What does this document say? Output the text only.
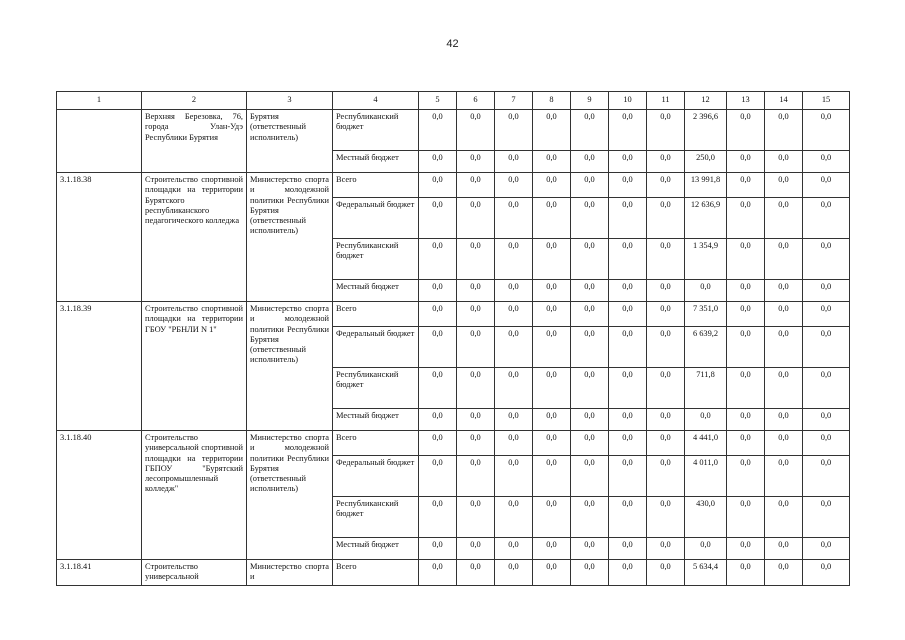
42
1	2	3	4	5	6	7	8	9	10	11	12	13	14	15
	Верхняя Березовка, 76, города Улан-Удэ Республики Бурятия	Бурятия (ответственный исполнитель)	Республиканский бюджет	0,0	0,0	0,0	0,0	0,0	0,0	0,0	2 396,6	0,0	0,0	0,0
			Местный бюджет	0,0	0,0	0,0	0,0	0,0	0,0	0,0	250,0	0,0	0,0	0,0
3.1.18.38	Строительство спортивной площадки на территории Бурятского республиканского педагогического колледжа	Министерство спорта и молодежной политики Республики Бурятия (ответственный исполнитель)	Всего	0,0	0,0	0,0	0,0	0,0	0,0	0,0	13 991,8	0,0	0,0	0,0
			Федеральный бюджет	0,0	0,0	0,0	0,0	0,0	0,0	0,0	12 636,9	0,0	0,0	0,0
			Республиканский бюджет	0,0	0,0	0,0	0,0	0,0	0,0	0,0	1 354,9	0,0	0,0	0,0
			Местный бюджет	0,0	0,0	0,0	0,0	0,0	0,0	0,0	0,0	0,0	0,0	0,0
3.1.18.39	Строительство спортивной площадки на территории ГБОУ "РБНЛИ N 1"	Министерство спорта и молодежной политики Республики Бурятия (ответственный исполнитель)	Всего	0,0	0,0	0,0	0,0	0,0	0,0	0,0	7 351,0	0,0	0,0	0,0
			Федеральный бюджет	0,0	0,0	0,0	0,0	0,0	0,0	0,0	6 639,2	0,0	0,0	0,0
			Республиканский бюджет	0,0	0,0	0,0	0,0	0,0	0,0	0,0	711,8	0,0	0,0	0,0
			Местный бюджет	0,0	0,0	0,0	0,0	0,0	0,0	0,0	0,0	0,0	0,0	0,0
3.1.18.40	Строительство универсальной спортивной площадки на территории ГБПОУ "Бурятский лесопромышленный колледж"	Министерство спорта и молодежной политики Республики Бурятия (ответственный исполнитель)	Всего	0,0	0,0	0,0	0,0	0,0	0,0	0,0	4 441,0	0,0	0,0	0,0
			Федеральный бюджет	0,0	0,0	0,0	0,0	0,0	0,0	0,0	4 011,0	0,0	0,0	0,0
			Республиканский бюджет	0,0	0,0	0,0	0,0	0,0	0,0	0,0	430,0	0,0	0,0	0,0
			Местный бюджет	0,0	0,0	0,0	0,0	0,0	0,0	0,0	0,0	0,0	0,0	0,0
3.1.18.41	Строительство универсальной	Министерство спорта и	Всего	0,0	0,0	0,0	0,0	0,0	0,0	0,0	5 634,4	0,0	0,0	0,0
